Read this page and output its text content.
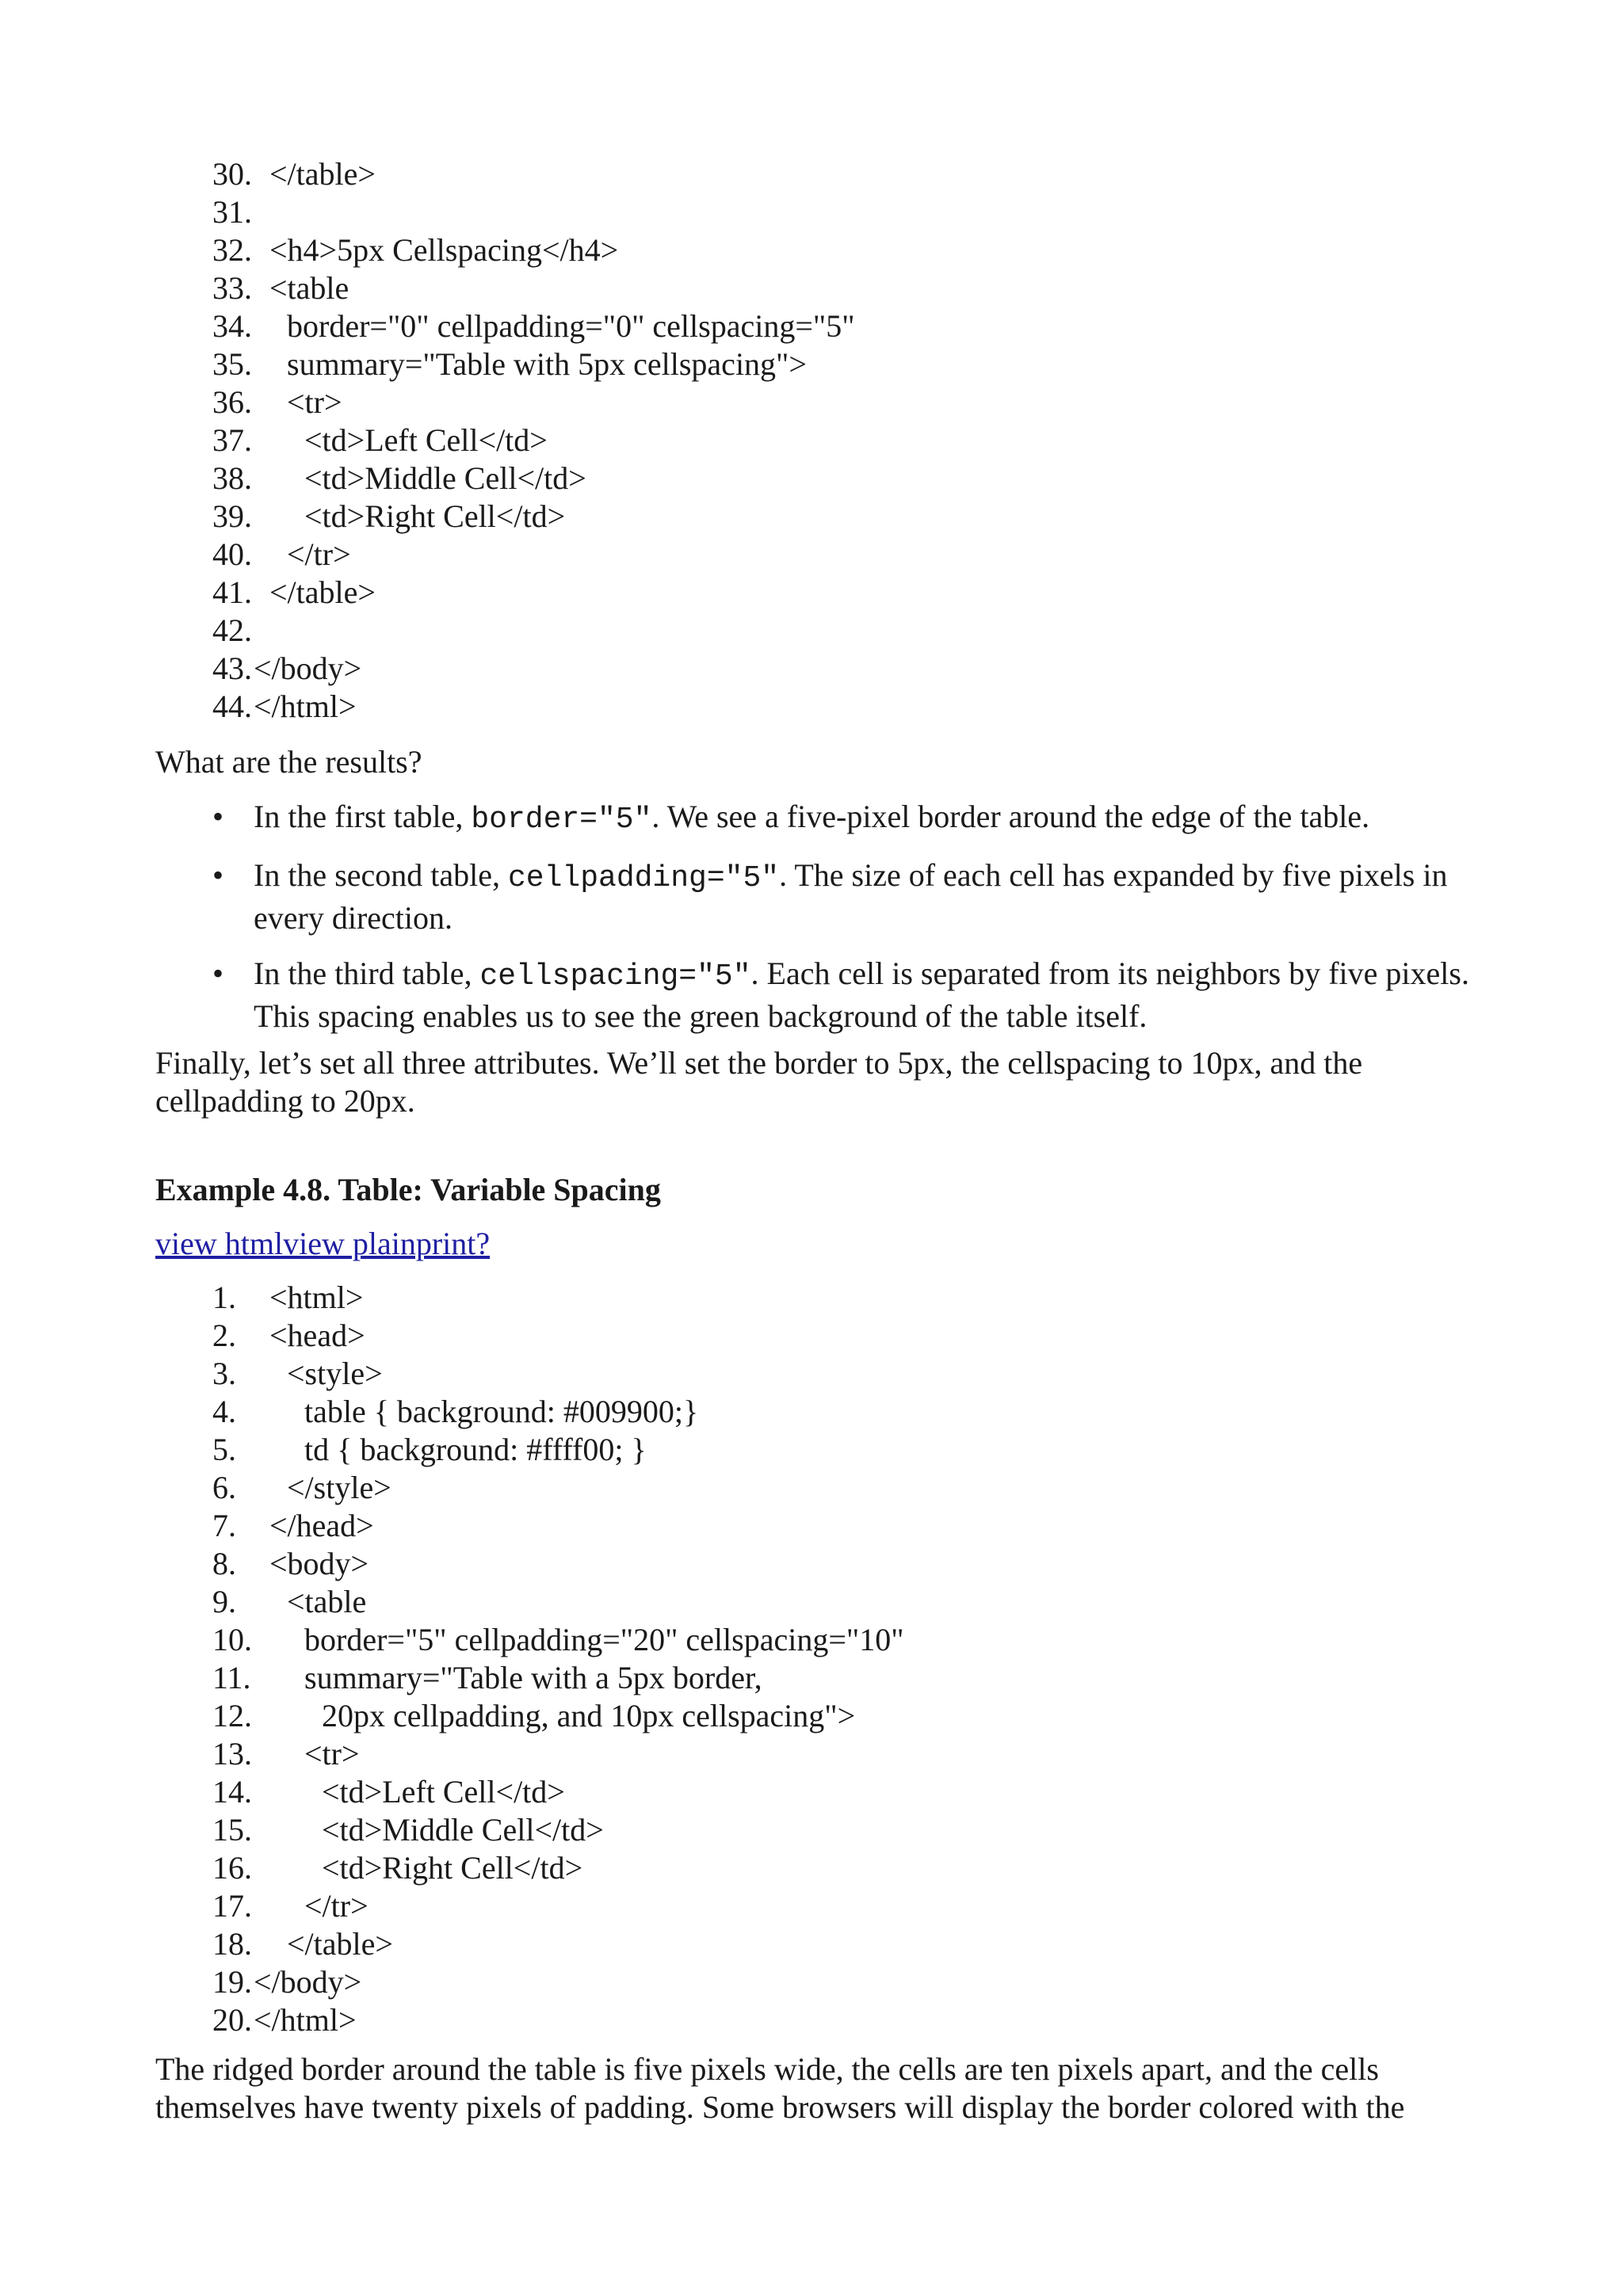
30. </table>
31.
32. <h4>5px Cellspacing</h4>
33. <table
34. border="0" cellpadding="0" cellspacing="5"
35. summary="Table with 5px cellspacing">
36. <tr>
37. <td>Left Cell</td>
38. <td>Middle Cell</td>
39. <td>Right Cell</td>
40. </tr>
41. </table>
42.
43. </body>
44. </html>
What are the results?
• In the first table, border="5". We see a five-pixel border around the edge of the table.
• In the second table, cellpadding="5". The size of each cell has expanded by five pixels in every direction.
• In the third table, cellspacing="5". Each cell is separated from its neighbors by five pixels. This spacing enables us to see the green background of the table itself.
Finally, let’s set all three attributes. We’ll set the border to 5px, the cellspacing to 10px, and the
cellpadding to 20px.
Example 4.8. Table: Variable Spacing
view htmlview plainprint?
1. <html>
2. <head>
3. <style>
4. table { background: #009900;}
5. td { background: #ffff00; }
6. </style>
7. </head>
8. <body>
9. <table
10. border="5" cellpadding="20" cellspacing="10"
11. summary="Table with a 5px border,
12. 20px cellpadding, and 10px cellspacing">
13. <tr>
14. <td>Left Cell</td>
15. <td>Middle Cell</td>
16. <td>Right Cell</td>
17. </tr>
18. </table>
19. </body>
20. </html>
The ridged border around the table is five pixels wide, the cells are ten pixels apart, and the cells
themselves have twenty pixels of padding. Some browsers will display the border colored with the
